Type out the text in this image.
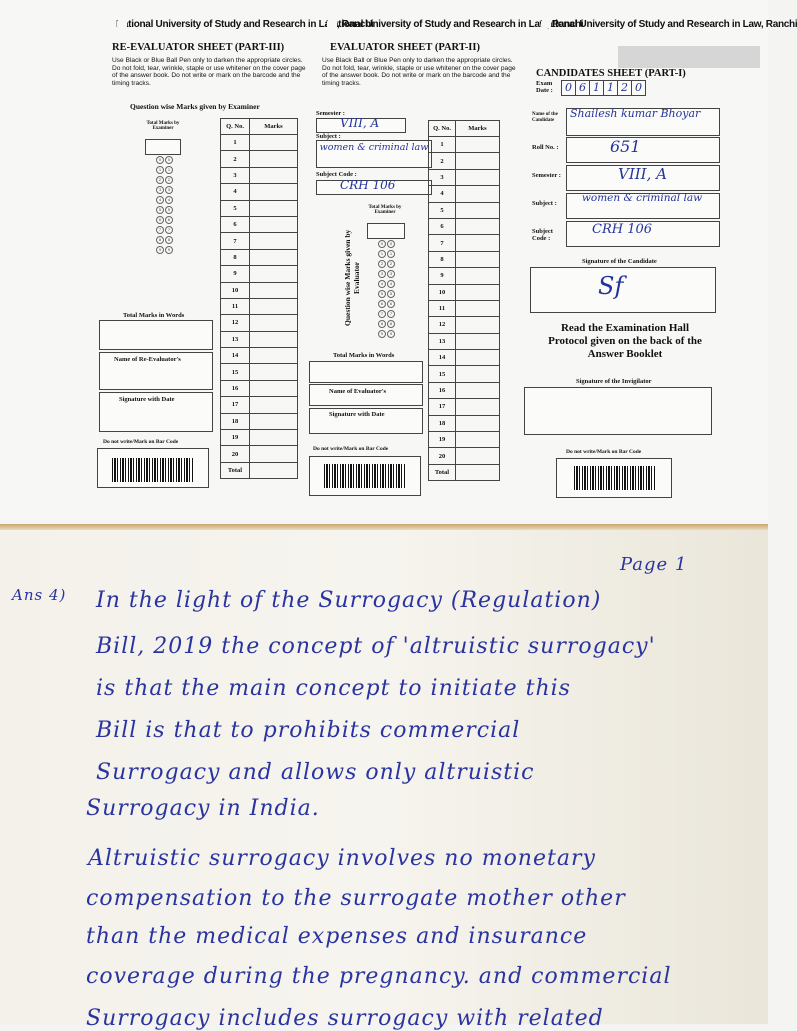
National University of Study and Research in Law, Ranchi
RE-EVALUATOR SHEET (PART-III)
Use Black or Blue Ball Pen only to darken the appropriate circles. Do not fold, tear, wrinkle, staple or use whitener on the cover page of the answer book. Do not write or mark on the barcode and the timing tracks.
Question wise Marks given by Examiner
Total Marks by Examiner
0	0
1	1
2	2
3	3
4	4
5	5
6	6
7	7
8	8
9	9
Total Marks in Words
Name of Re-Evaluator's
Signature with Date
Do not write/Mark on Bar Code
Q. No.	Marks
1	
2	
3	
4	
5	
6	
7	
8	
9	
10	
11	
12	
13	
14	
15	
16	
17	
18	
19	
20	
Total	
National University of Study and Research in Law, Ranchi
EVALUATOR SHEET (PART-II)
Use Black Ball or Blue Pen only to darken the appropriate circles. Do not fold, tear, wrinkle, staple or use whitener on the cover page of the answer book. Do not write or mark on the barcode and the timing tracks.
Semester :
VIII, A
Subject :
women & criminal law
Subject Code :
CRH 106
Total Marks by Examiner
0	0
1	1
2	2
3	3
4	4
5	5
6	6
7	7
8	8
9	9
Question wise Marks given by Evaluator
Total Marks in Words
Name of Evaluator's
Signature with Date
Do not write/Mark on Bar Code
Q. No.	Marks
1	
2	
3	
4	
5	
6	
7	
8	
9	
10	
11	
12	
13	
14	
15	
16	
17	
18	
19	
20	
Total	
National University of Study and Research in Law, Ranchi
CANDIDATES SHEET (PART-I)
Exam Date :	0 6 1 1 2 0
Name of the Candidate
Shailesh kumar Bhoyar
Roll No. :	651
Semester :	VIII, A
Subject :	women & criminal law
Subject Code :
CRH 106
Signature of the Candidate
Sf
Read the Examination Hall Protocol given on the back of the Answer Booklet
Signature of the Invigilator
Do not write/Mark on Bar Code
Page 1
Ans 4) In the light of the Surrogacy (Regulation)
Bill, 2019 the concept of 'altruistic surrogacy'
is that the main concept to initiate this
Bill is that to prohibits commercial
Surrogacy and allows only altruistic
Surrogacy in India.
Altruistic surrogacy involves no monetary
compensation to the surrogate mother other
than the medical expenses and insurance
coverage during the pregnancy. and commercial
Surrogacy includes surrogacy with related
